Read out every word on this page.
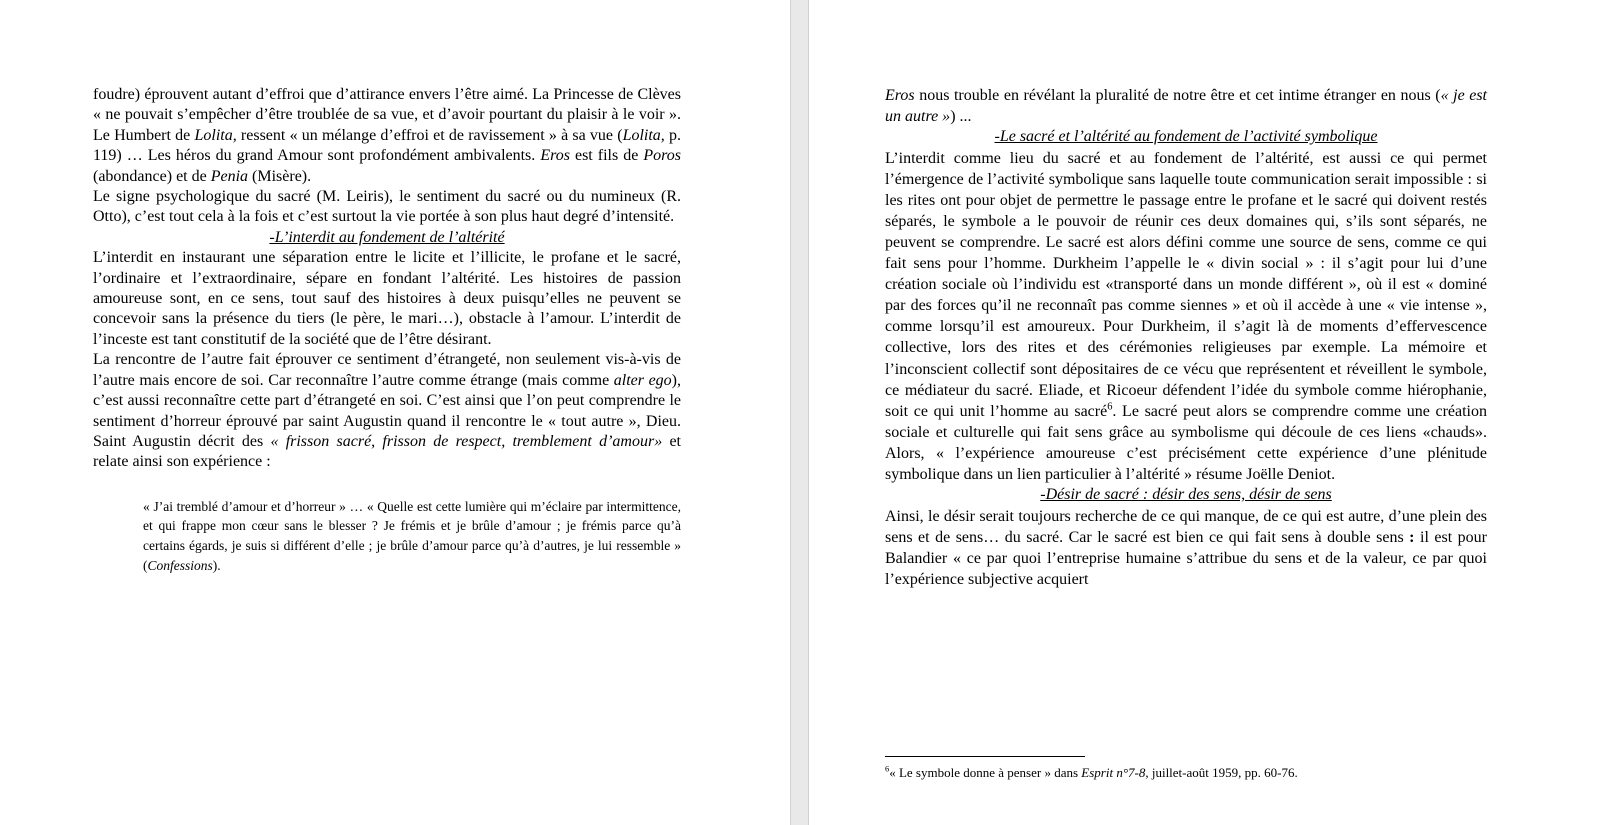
foudre) éprouvent autant d’effroi que d’attirance envers l’être aimé. La Princesse de Clèves « ne pouvait s’empêcher d’être troublée de sa vue, et d’avoir pourtant du plaisir à le voir ». Le Humbert de Lolita, ressent « un mélange d’effroi et de ravissement » à sa vue (Lolita, p. 119) … Les héros du grand Amour sont profondément ambivalents. Eros est fils de Poros (abondance) et de Penia (Misère).

Le signe psychologique du sacré (M. Leiris), le sentiment du sacré ou du numineux (R. Otto), c’est tout cela à la fois et c’est surtout la vie portée à son plus haut degré d’intensité.

-L’interdit au fondement de l’altérité

L’interdit en instaurant une séparation entre le licite et l’illicite, le profane et le sacré, l’ordinaire et l’extraordinaire, sépare en fondant l’altérité. Les histoires de passion amoureuse sont, en ce sens, tout sauf des histoires à deux puisqu’elles ne peuvent se concevoir sans la présence du tiers (le père, le mari…), obstacle à l’amour. L’interdit de l’inceste est tant constitutif de la société que de l’être désirant.

La rencontre de l’autre fait éprouver ce sentiment d’étrangeté, non seulement vis-à-vis de l’autre mais encore de soi. Car reconnaître l’autre comme étrange (mais comme alter ego), c’est aussi reconnaître cette part d’étrangeté en soi. C’est ainsi que l’on peut comprendre le sentiment d’horreur éprouvé par saint Augustin quand il rencontre le « tout autre », Dieu. Saint Augustin décrit des « frisson sacré, frisson de respect, tremblement d’amour» et relate ainsi son expérience :

« J’ai tremblé d’amour et d’horreur » … « Quelle est cette lumière qui m’éclaire par intermittence, et qui frappe mon cœur sans le blesser ? Je frémis et je brûle d’amour ; je frémis parce qu’à certains égards, je suis si différent d’elle ; je brûle d’amour parce qu’à d’autres, je lui ressemble » (Confessions).

Eros nous trouble en révélant la pluralité de notre être et cet intime étranger en nous (« je est un autre ») ...

-Le sacré et l’altérité au fondement de l’activité symbolique

L’interdit comme lieu du sacré et au fondement de l’altérité, est aussi ce qui permet l’émergence de l’activité symbolique sans laquelle toute communication serait impossible : si les rites ont pour objet de permettre le passage entre le profane et le sacré qui doivent restés séparés, le symbole a le pouvoir de réunir ces deux domaines qui, s’ils sont séparés, ne peuvent se comprendre. Le sacré est alors défini comme une source de sens, comme ce qui fait sens pour l’homme. Durkheim l’appelle le « divin social » : il s’agit pour lui d’une création sociale où l’individu est «transporté dans un monde différent », où il est « dominé par des forces qu’il ne reconnaît pas comme siennes » et où il accède à une « vie intense », comme lorsqu’il est amoureux. Pour Durkheim, il s’agit là de moments d’effervescence collective, lors des rites et des cérémonies religieuses par exemple. La mémoire et l’inconscient collectif sont dépositaires de ce vécu que représentent et réveillent le symbole, ce médiateur du sacré. Eliade, et Ricoeur défendent l’idée du symbole comme hiérophanie, soit ce qui unit l’homme au sacré$^6$. Le sacré peut alors se comprendre comme une création sociale et culturelle qui fait sens grâce au symbolisme qui découle de ces liens «chauds». Alors, « l’expérience amoureuse c’est précisément cette expérience d’une plénitude symbolique dans un lien particulier à l’altérité » résume Joëlle Deniot.

-Désir de sacré : désir des sens, désir de sens

Ainsi, le désir serait toujours recherche de ce qui manque, de ce qui est autre, d’une plein des sens et de sens… du sacré. Car le sacré est bien ce qui fait sens à double sens : il est pour Balandier « ce par quoi l’entreprise humaine s’attribue du sens et de la valeur, ce par quoi l’expérience subjective acquiert

$^6$« Le symbole donne à penser » dans Esprit n°7-8, juillet-août 1959, pp. 60-76.
